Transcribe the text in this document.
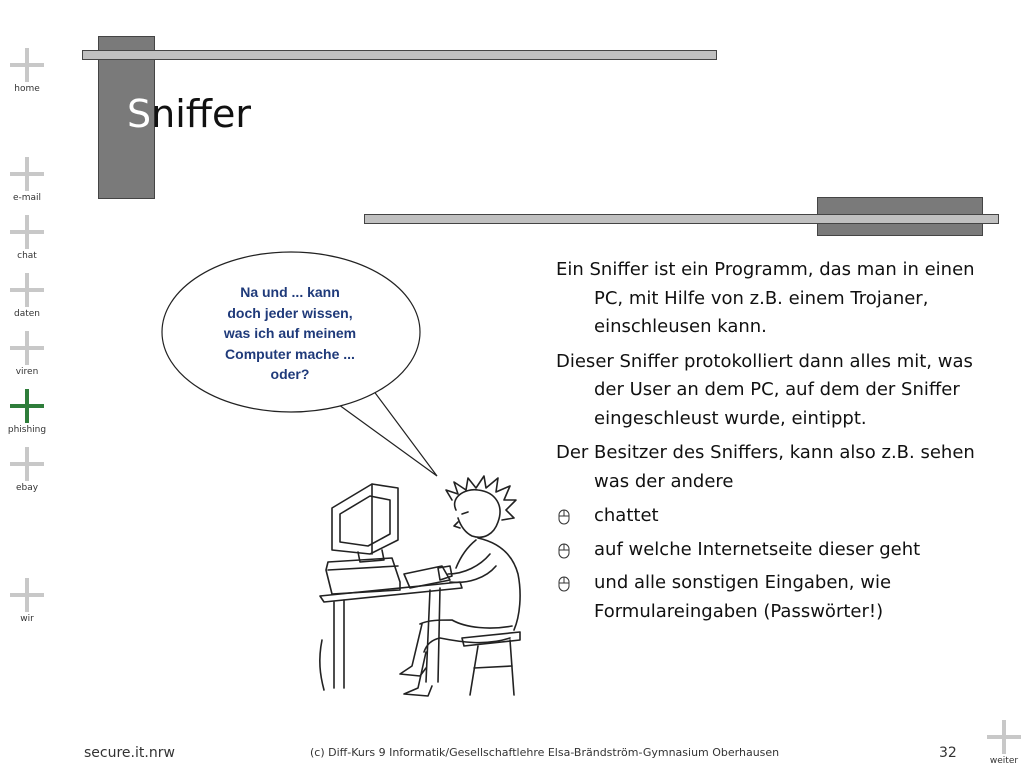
home
e-mail
chat
daten
viren
phishing
ebay
wir
Sniffer
Na und ... kann
doch jeder wissen,
was ich auf meinem
Computer mache ...
oder?

Ein Sniffer ist ein Programm, das man in einen PC, mit Hilfe von z.B. einem Trojaner, einschleusen kann.

Dieser Sniffer protokolliert dann alles mit, was der User an dem PC, auf dem der Sniffer eingeschleust wurde, eintippt.

Der Besitzer des Sniffers, kann also z.B. sehen was der andere

chattet
auf welche Internetseite dieser geht
und alle sonstigen Eingaben, wie Formulareingaben (Passwörter!)
secure.it.nrw	(c) Diff-Kurs 9 Informatik/Gesellschaftlehre Elsa-Brändström-Gymnasium Oberhausen	32	weiter
